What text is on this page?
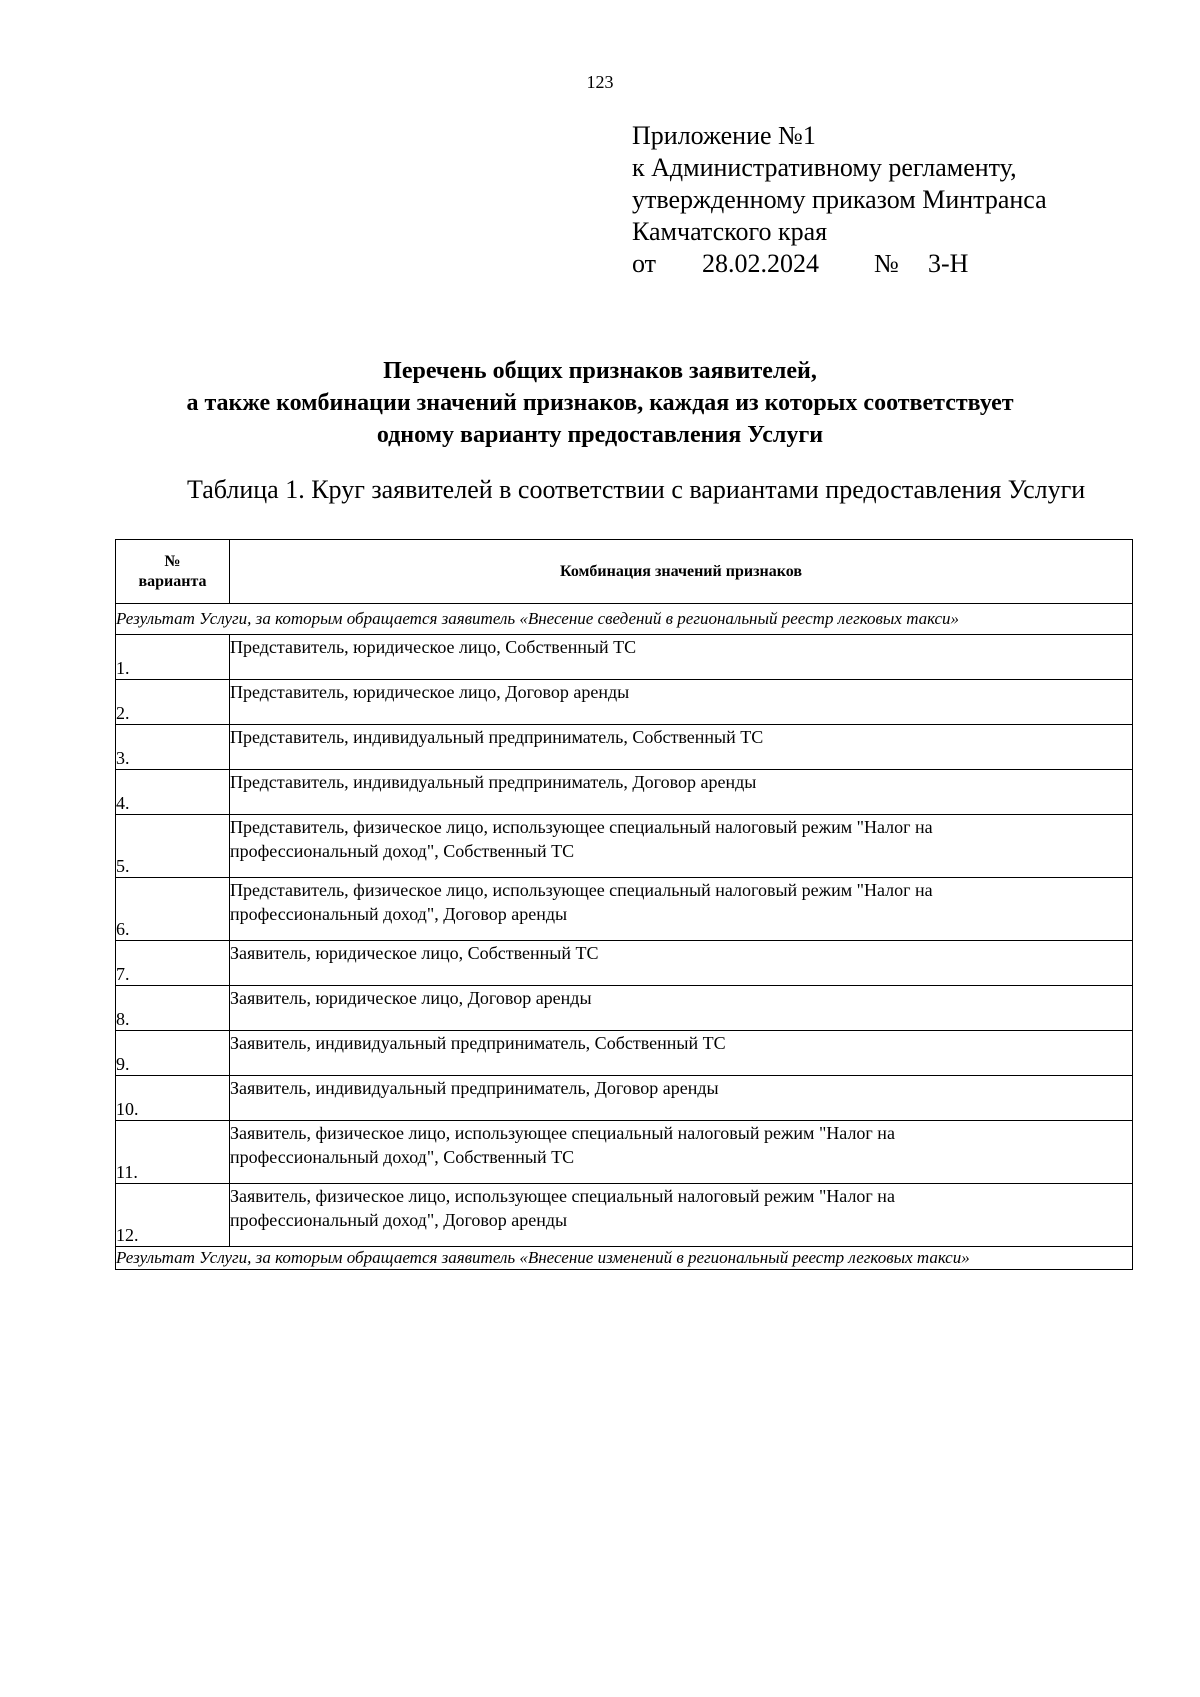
123
Приложение №1
к Административному регламенту,
утвержденному приказом Минтранса
Камчатского края
от 28.02.2024 № 3-Н
Перечень общих признаков заявителей,
а также комбинации значений признаков, каждая из которых соответствует
одному варианту предоставления Услуги
Таблица 1. Круг заявителей в соответствии с вариантами предоставления Услуги
№
варианта	Комбинация значений признаков
Результат Услуги, за которым обращается заявитель «Внесение сведений в региональный реестр легковых такси»	
1.	Представитель, юридическое лицо, Собственный ТС
2.	Представитель, юридическое лицо, Договор аренды
3.	Представитель, индивидуальный предприниматель, Собственный ТС
4.	Представитель, индивидуальный предприниматель, Договор аренды
5.	Представитель, физическое лицо, использующее специальный налоговый режим "Налог на
профессиональный доход", Собственный ТС
6.	Представитель, физическое лицо, использующее специальный налоговый режим "Налог на
профессиональный доход", Договор аренды
7.	Заявитель, юридическое лицо, Собственный ТС
8.	Заявитель, юридическое лицо, Договор аренды
9.	Заявитель, индивидуальный предприниматель, Собственный ТС
10.	Заявитель, индивидуальный предприниматель, Договор аренды
11.	Заявитель, физическое лицо, использующее специальный налоговый режим "Налог на
профессиональный доход", Собственный ТС
12.	Заявитель, физическое лицо, использующее специальный налоговый режим "Налог на
профессиональный доход", Договор аренды
Результат Услуги, за которым обращается заявитель «Внесение изменений в региональный реестр легковых такси»	
